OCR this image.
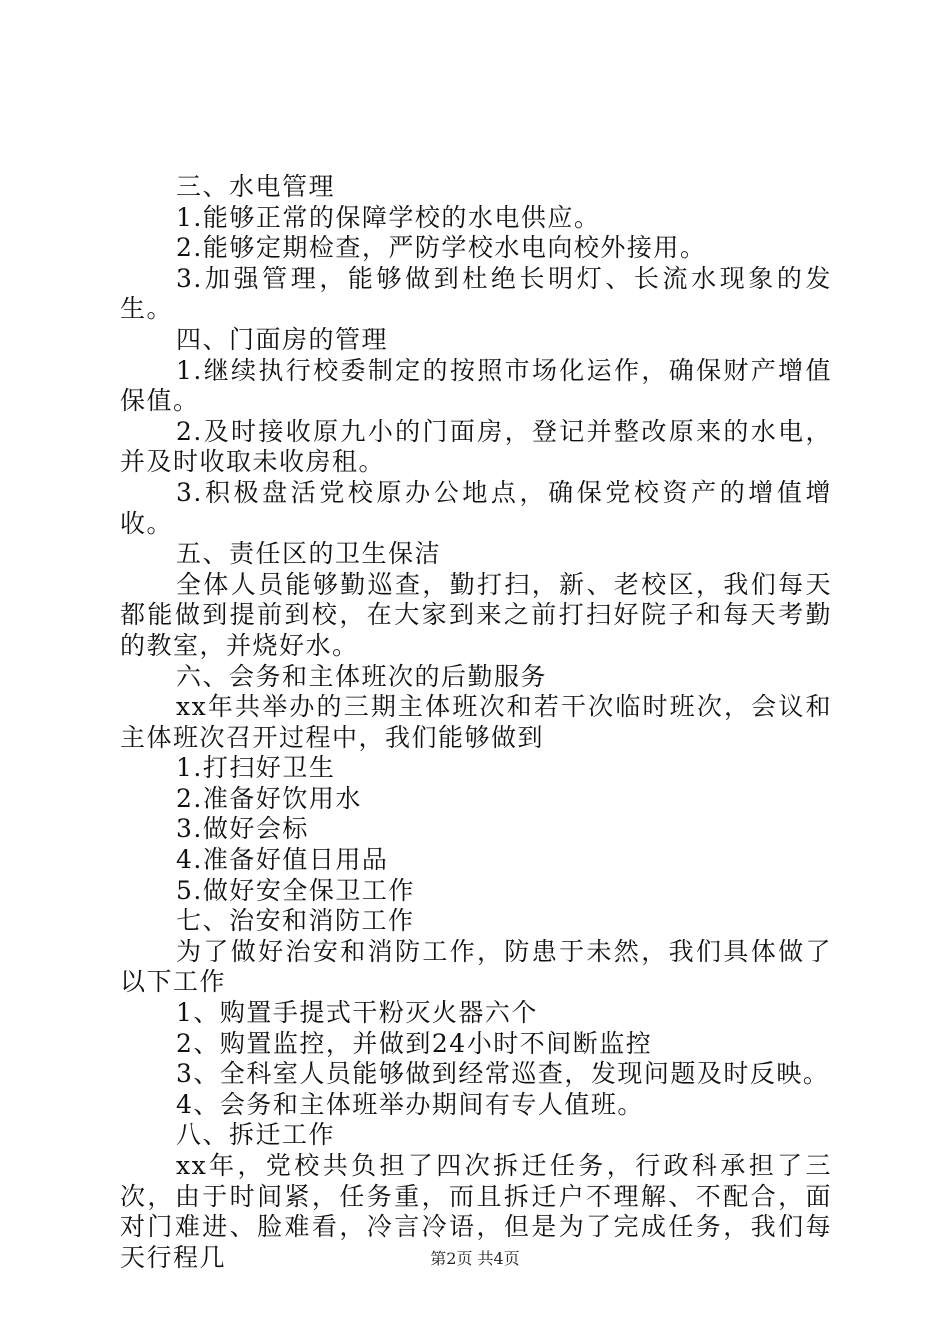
三、水电管理

1.能够正常的保障学校的水电供应。

2.能够定期检查，严防学校水电向校外接用。

3.加强管理，能够做到杜绝长明灯、长流水现象的发生。

四、门面房的管理

1.继续执行校委制定的按照市场化运作，确保财产增值保值。

2.及时接收原九小的门面房，登记并整改原来的水电，并及时收取未收房租。

3.积极盘活党校原办公地点，确保党校资产的增值增收。

五、责任区的卫生保洁

全体人员能够勤巡查，勤打扫，新、老校区，我们每天都能做到提前到校，在大家到来之前打扫好院子和每天考勤的教室，并烧好水。

六、会务和主体班次的后勤服务

xx年共举办的三期主体班次和若干次临时班次，会议和主体班次召开过程中，我们能够做到

1.打扫好卫生

2.准备好饮用水

3.做好会标

4.准备好值日用品

5.做好安全保卫工作

七、治安和消防工作

为了做好治安和消防工作，防患于未然，我们具体做了以下工作

1、购置手提式干粉灭火器六个

2、购置监控，并做到24小时不间断监控

3、全科室人员能够做到经常巡查，发现问题及时反映。

4、会务和主体班举办期间有专人值班。

八、拆迁工作

xx年，党校共负担了四次拆迁任务，行政科承担了三次，由于时间紧，任务重，而且拆迁户不理解、不配合，面对门难进、脸难看，冷言冷语，但是为了完成任务，我们每天行程几	第2页 共4页
